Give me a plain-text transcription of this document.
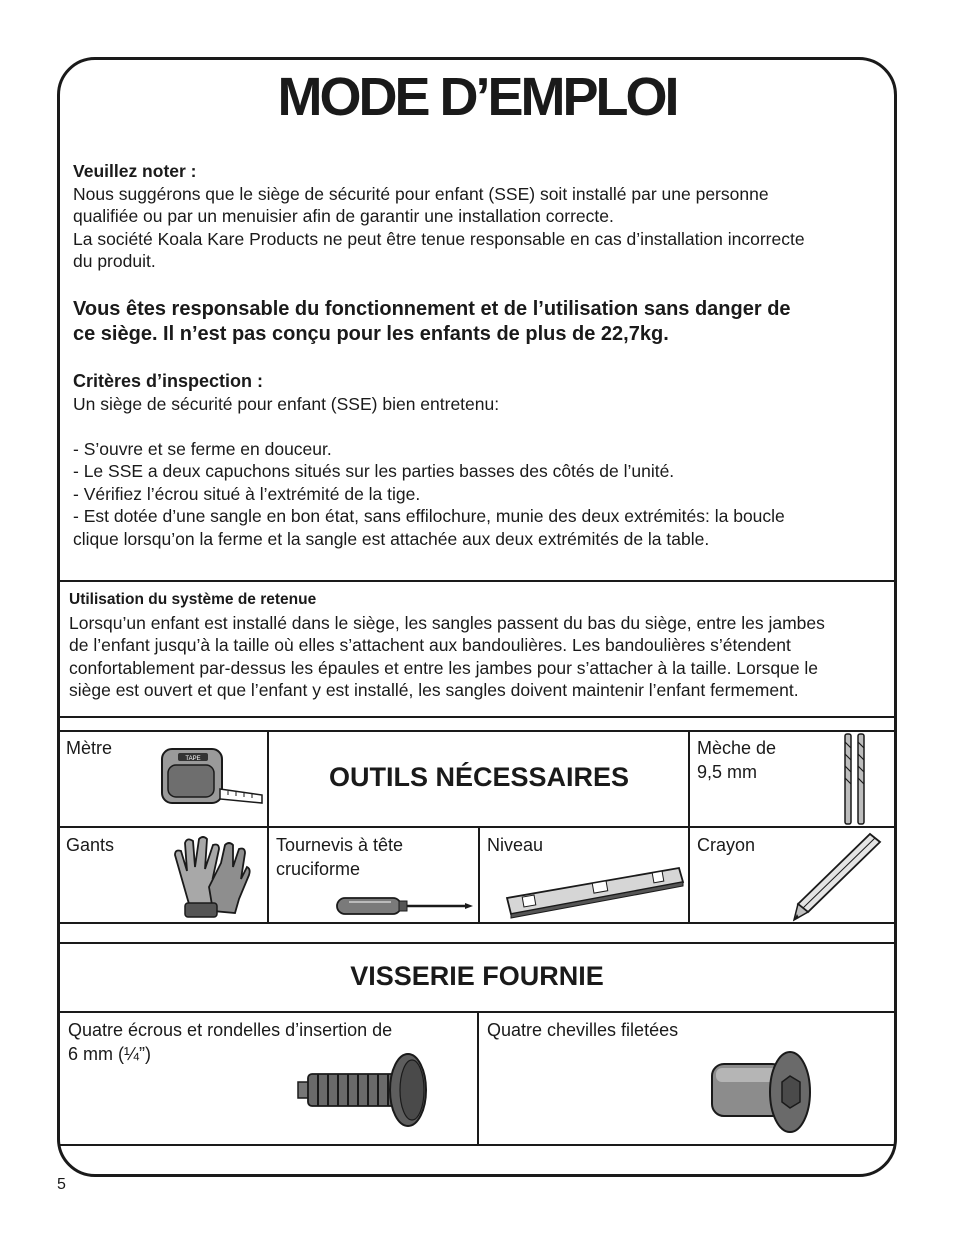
MODE D’EMPLOI
Veuillez noter :
Nous suggérons que le siège de sécurité pour enfant (SSE) soit installé par une personne
qualifiée ou par un menuisier afin de garantir une installation correcte.
La société Koala Kare Products ne peut être tenue responsable en cas d’installation incorrecte
du produit.
Vous êtes responsable du fonctionnement et de l’utilisation sans danger de
ce siège. Il n’est pas conçu pour les enfants de plus de 22,7kg.
Critères d’inspection :
Un siège de sécurité pour enfant (SSE) bien entretenu:
- S’ouvre et se ferme en douceur.
- Le SSE a deux capuchons situés sur les parties basses des côtés de l’unité.
- Vérifiez l’écrou situé à l’extrémité de la tige.
- Est dotée d’une sangle en bon état, sans effilochure, munie des deux extrémités: la boucle
clique lorsqu’on la ferme et la sangle est attachée aux deux extrémités de la table.
Utilisation du système de retenue
Lorsqu’un enfant est installé dans le siège, les sangles passent du bas du siège, entre les jambes
de l’enfant jusqu’à la taille où elles s’attachent aux bandoulières. Les bandoulières s’étendent
confortablement par-dessus les épaules et entre les jambes pour s’attacher à la taille. Lorsque le
siège est ouvert et que l’enfant y est installé, les sangles doivent maintenir l’enfant fermement.
Mètre
TAPE
OUTILS NÉCESSAIRES
Mèche de
9,5 mm
Gants	Tournevis à tête
cruciforme
Niveau	Crayon
VISSERIE FOURNIE
Quatre écrous et rondelles d’insertion de
6 mm (¼”)
Quatre chevilles filetées
5
